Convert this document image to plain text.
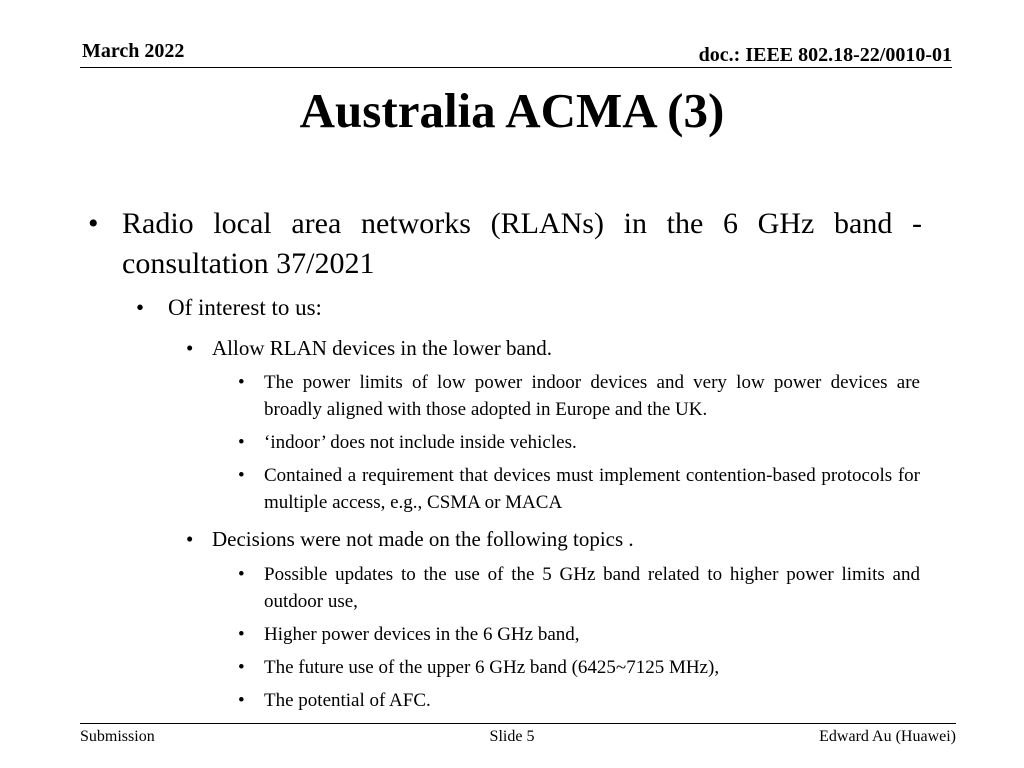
March 2022	doc.: IEEE 802.18-22/0010-01
Australia ACMA (3)
• Radio local area networks (RLANs) in the 6 GHz band - consultation 37/2021
• Of interest to us:
• Allow RLAN devices in the lower band.
• The power limits of low power indoor devices and very low power devices are broadly aligned with those adopted in Europe and the UK.
• ‘indoor’ does not include inside vehicles.
• Contained a requirement that devices must implement contention-based protocols for multiple access, e.g., CSMA or MACA
• Decisions were not made on the following topics .
• Possible updates to the use of the 5 GHz band related to higher power limits and outdoor use,
• Higher power devices in the 6 GHz band,
• The future use of the upper 6 GHz band (6425~7125 MHz),
• The potential of AFC.
Submission	Slide 5	Edward Au (Huawei)
